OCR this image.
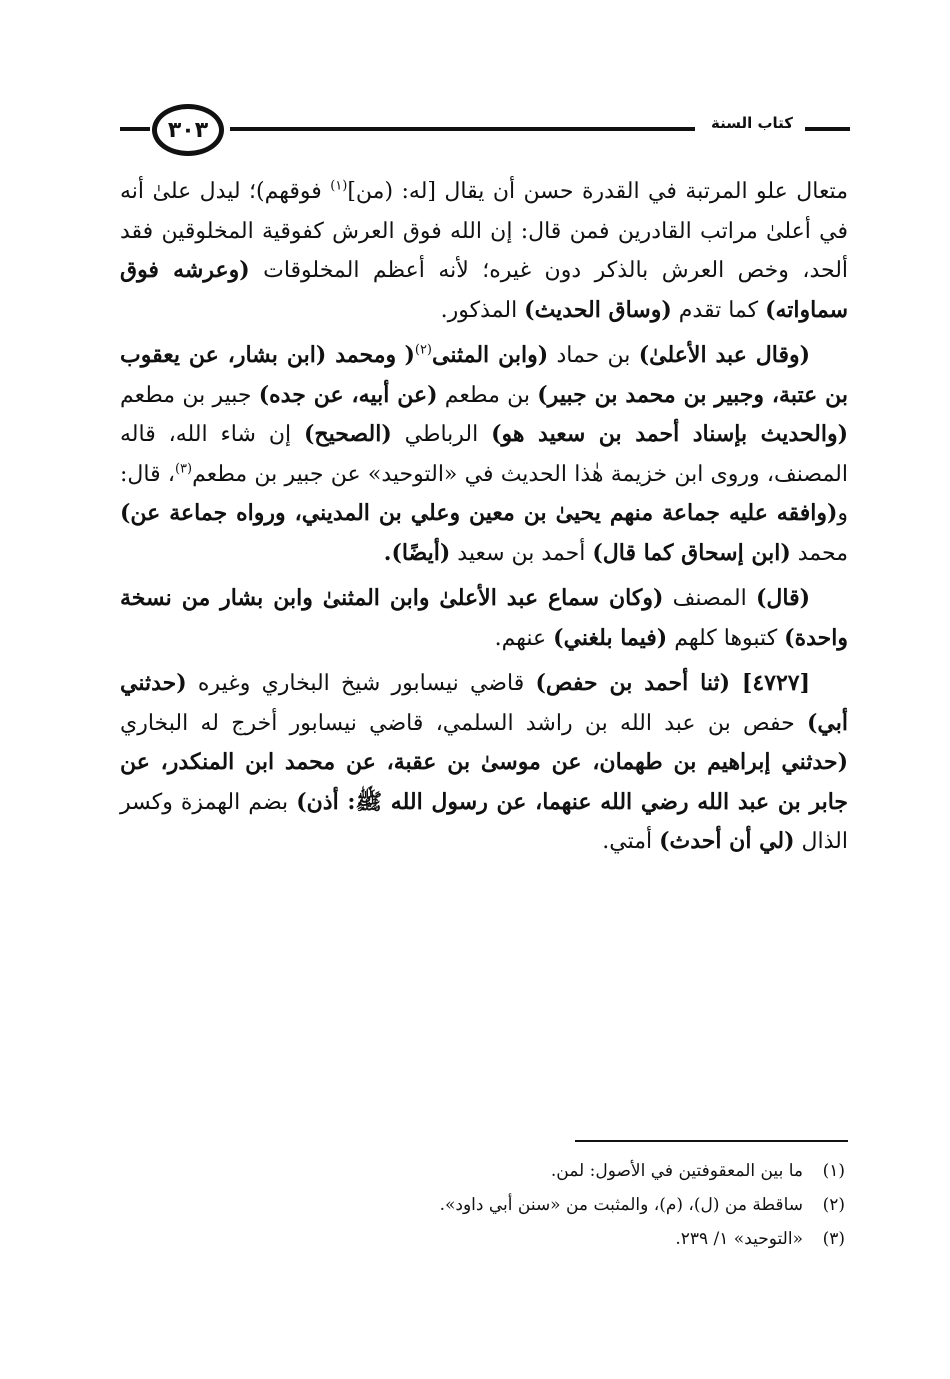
٣٠٣	كتاب السنة

متعال علو المرتبة في القدرة حسن أن يقال [له: (من]$^{(١)}$ فوقهم)؛ ليدل علىٰ أنه في أعلىٰ مراتب القادرين فمن قال: إن الله فوق العرش كفوقية المخلوقين فقد ألحد، وخص العرش بالذكر دون غيره؛ لأنه أعظم المخلوقات (وعرشه فوق سماواته) كما تقدم (وساق الحديث) المذكور.

(وقال عبد الأعلىٰ) بن حماد (وابن المثنى$^{(٢)}$( ومحمد (ابن بشار، عن يعقوب بن عتبة، وجبير بن محمد بن جبير) بن مطعم (عن أبيه، عن جده) جبير بن مطعم (والحديث بإسناد أحمد بن سعيد هو) الرباطي (الصحيح) إن شاء الله، قاله المصنف، وروى ابن خزيمة هٰذا الحديث في «التوحيد» عن جبير بن مطعم$^{(٣)}$، قال: و(وافقه عليه جماعة منهم يحيىٰ بن معين وعلي بن المديني، ورواه جماعة عن) محمد (ابن إسحاق كما قال) أحمد بن سعيد (أيضًا).

(قال) المصنف (وكان سماع عبد الأعلىٰ وابن المثنىٰ وابن بشار من نسخة واحدة) كتبوها كلهم (فيما بلغني) عنهم.

[٤٧٢٧] (ثنا أحمد بن حفص) قاضي نيسابور شيخ البخاري وغيره (حدثني أبي) حفص بن عبد الله بن راشد السلمي، قاضي نيسابور أخرج له البخاري (حدثني إبراهيم بن طهمان، عن موسىٰ بن عقبة، عن محمد ابن المنكدر، عن جابر بن عبد الله رضي الله عنهما، عن رسول الله ﷺ: أذن) بضم الهمزة وكسر الذال (لي أن أحدث) أمتي.

(١)
ما بين المعقوفتين في الأصول: لمن.
(٢)
ساقطة من (ل)، (م)، والمثبت من «سنن أبي داود».
(٣)
«التوحيد» ١/ ٢٣٩.
